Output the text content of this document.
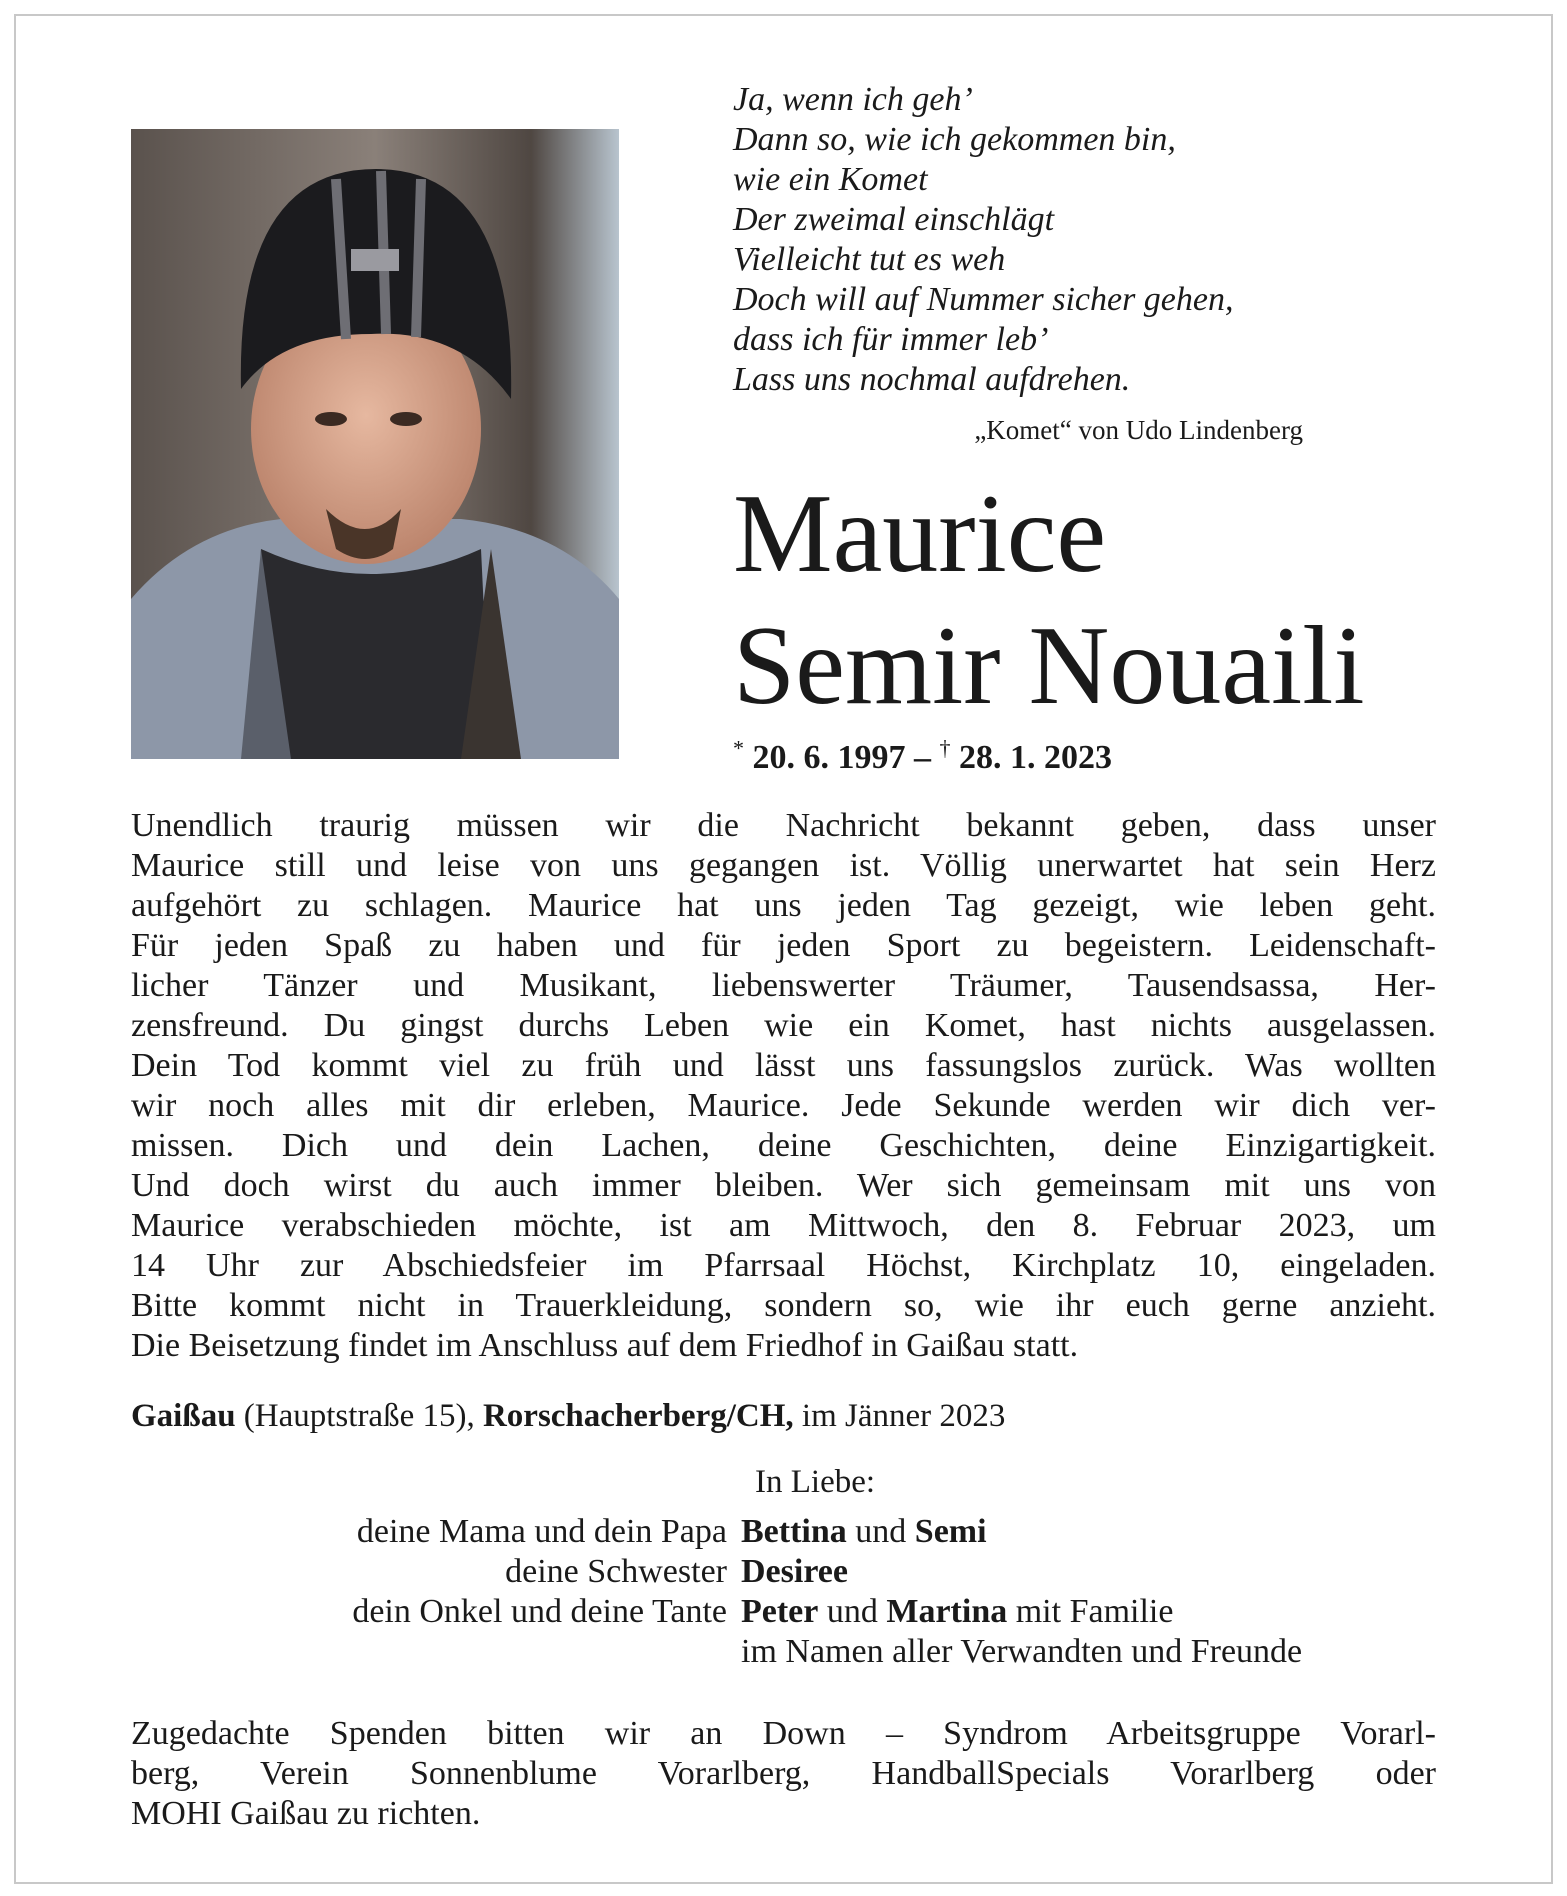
Ja, wenn ich geh’
Dann so, wie ich gekommen bin,
wie ein Komet
Der zweimal einschlägt
Vielleicht tut es weh
Doch will auf Nummer sicher gehen,
dass ich für immer leb’
Lass uns nochmal aufdrehen.
„Komet“ von Udo Lindenberg
Maurice
Semir Nouaili
* 20. 6. 1997 – † 28. 1. 2023
Unendlich traurig müssen wir die Nachricht bekannt geben, dass unser
Maurice still und leise von uns gegangen ist. Völlig unerwartet hat sein Herz
aufgehört zu schlagen. Maurice hat uns jeden Tag gezeigt, wie leben geht.
Für jeden Spaß zu haben und für jeden Sport zu begeistern. Leidenschaft-
licher Tänzer und Musikant, liebenswerter Träumer, Tausendsassa, Her-
zensfreund. Du gingst durchs Leben wie ein Komet, hast nichts ausgelassen.
Dein Tod kommt viel zu früh und lässt uns fassungslos zurück. Was wollten
wir noch alles mit dir erleben, Maurice. Jede Sekunde werden wir dich ver-
missen. Dich und dein Lachen, deine Geschichten, deine Einzigartigkeit.
Und doch wirst du auch immer bleiben. Wer sich gemeinsam mit uns von
Maurice verabschieden möchte, ist am Mittwoch, den 8. Februar 2023, um
14 Uhr zur Abschiedsfeier im Pfarrsaal Höchst, Kirchplatz 10, eingeladen.
Bitte kommt nicht in Trauerkleidung, sondern so, wie ihr euch gerne anzieht.
Die Beisetzung findet im Anschluss auf dem Friedhof in Gaißau statt.
Gaißau (Hauptstraße 15), Rorschacherberg/CH, im Jänner 2023
In Liebe:
deine Mama und dein Papa Bettina und Semi
deine Schwester Desiree
dein Onkel und deine Tante Peter und Martina mit Familie
im Namen aller Verwandten und Freunde
Zugedachte Spenden bitten wir an Down – Syndrom Arbeitsgruppe Vorarl-
berg, Verein Sonnenblume Vorarlberg, HandballSpecials Vorarlberg oder
MOHI Gaißau zu richten.
